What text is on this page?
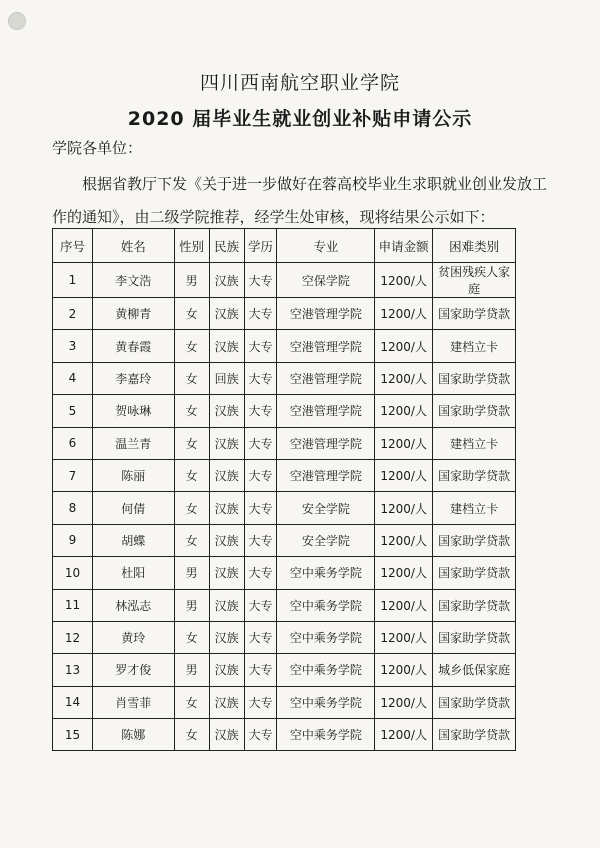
四川西南航空职业学院
2020 届毕业生就业创业补贴申请公示
学院各单位：
根据省教厅下发《关于进一步做好在蓉高校毕业生求职就业创业发放工作的通知》，由二级学院推荐，经学生处审核，现将结果公示如下：
序号	姓名	性别	民族	学历	专业	申请金额	困难类别
1	李文浩	男	汉族	大专	空保学院	1200/人	贫困残疾人家庭
2	黄柳青	女	汉族	大专	空港管理学院	1200/人	国家助学贷款
3	黄春霞	女	汉族	大专	空港管理学院	1200/人	建档立卡
4	李嘉玲	女	回族	大专	空港管理学院	1200/人	国家助学贷款
5	贺咏琳	女	汉族	大专	空港管理学院	1200/人	国家助学贷款
6	温兰青	女	汉族	大专	空港管理学院	1200/人	建档立卡
7	陈丽	女	汉族	大专	空港管理学院	1200/人	国家助学贷款
8	何倩	女	汉族	大专	安全学院	1200/人	建档立卡
9	胡蝶	女	汉族	大专	安全学院	1200/人	国家助学贷款
10	杜阳	男	汉族	大专	空中乘务学院	1200/人	国家助学贷款
11	林泓志	男	汉族	大专	空中乘务学院	1200/人	国家助学贷款
12	黄玲	女	汉族	大专	空中乘务学院	1200/人	国家助学贷款
13	罗才俊	男	汉族	大专	空中乘务学院	1200/人	城乡低保家庭
14	肖雪菲	女	汉族	大专	空中乘务学院	1200/人	国家助学贷款
15	陈娜	女	汉族	大专	空中乘务学院	1200/人	国家助学贷款
